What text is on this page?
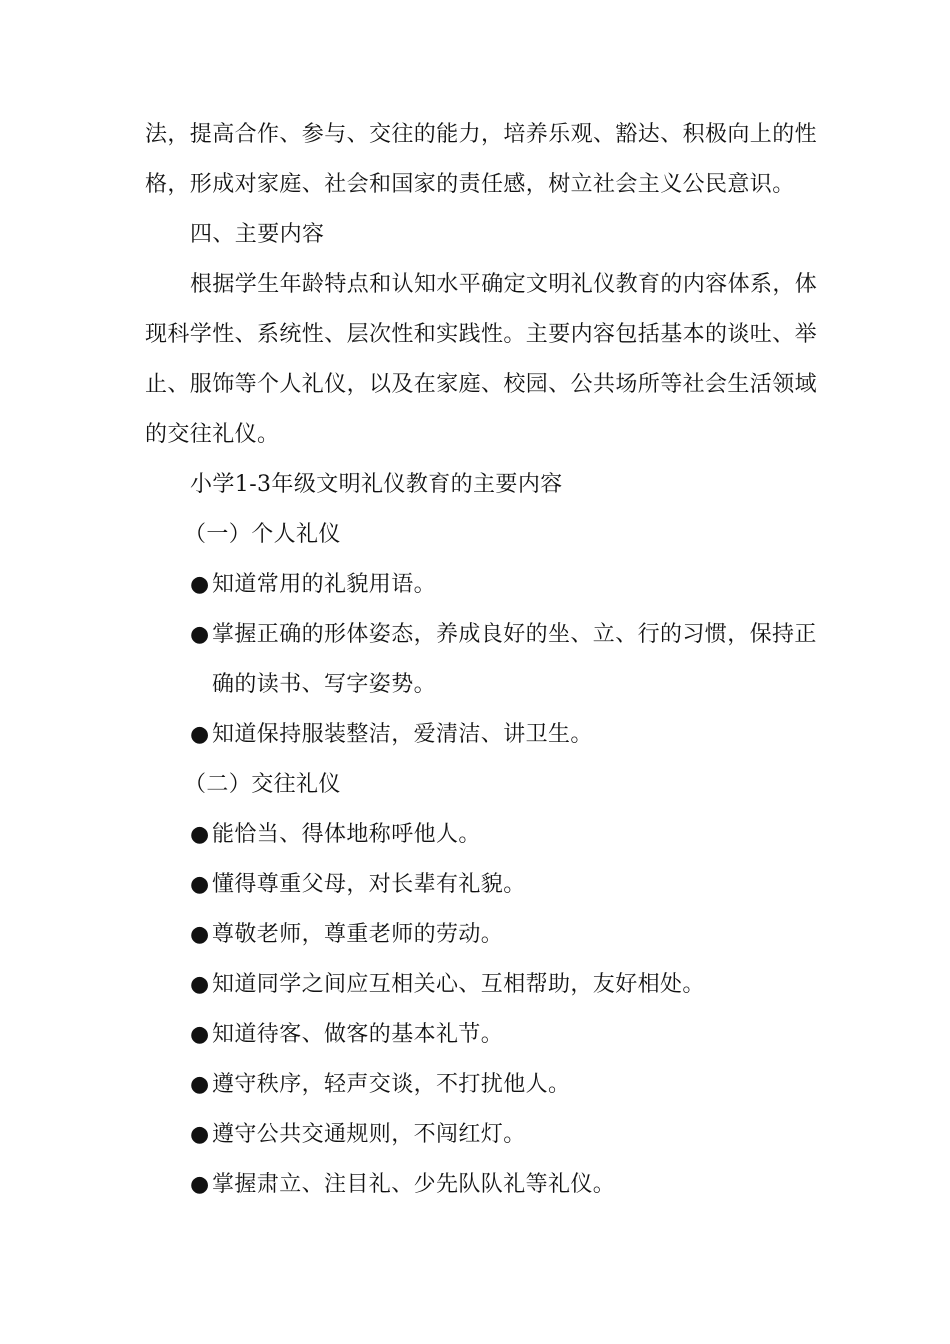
法，提高合作、参与、交往的能力，培养乐观、豁达、积极向上的性
格，形成对家庭、社会和国家的责任感，树立社会主义公民意识。
四、主要内容
根据学生年龄特点和认知水平确定文明礼仪教育的内容体系，体
现科学性、系统性、层次性和实践性。主要内容包括基本的谈吐、举
止、服饰等个人礼仪，以及在家庭、校园、公共场所等社会生活领域
的交往礼仪。
小学1-3年级文明礼仪教育的主要内容
（一）个人礼仪
● 知道常用的礼貌用语。
● 掌握正确的形体姿态，养成良好的坐、立、行的习惯，保持正
确的读书、写字姿势。
● 知道保持服装整洁，爱清洁、讲卫生。
（二）交往礼仪
● 能恰当、得体地称呼他人。
● 懂得尊重父母，对长辈有礼貌。
● 尊敬老师，尊重老师的劳动。
● 知道同学之间应互相关心、互相帮助，友好相处。
● 知道待客、做客的基本礼节。
● 遵守秩序，轻声交谈，不打扰他人。
● 遵守公共交通规则，不闯红灯。
● 掌握肃立、注目礼、少先队队礼等礼仪。
